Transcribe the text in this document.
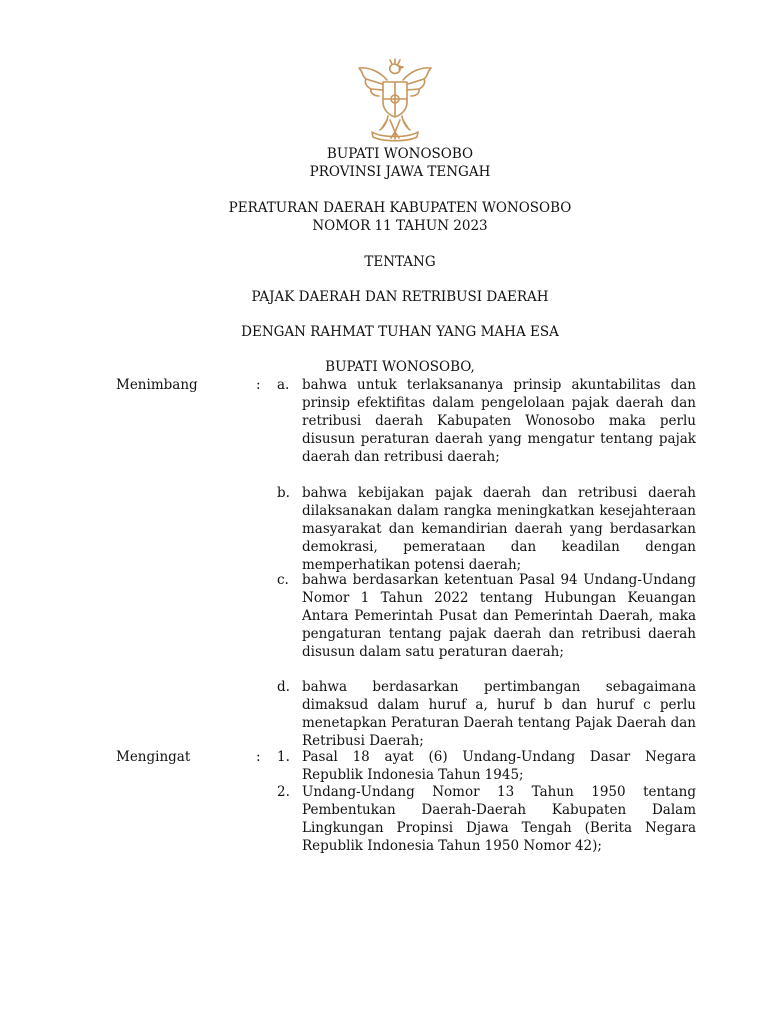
BUPATI WONOSOBO
PROVINSI JAWA TENGAH
PERATURAN DAERAH KABUPATEN WONOSOBO
NOMOR 11 TAHUN 2023
TENTANG
PAJAK DAERAH DAN RETRIBUSI DAERAH
DENGAN RAHMAT TUHAN YANG MAHA ESA
BUPATI WONOSOBO,
Menimbang	: a. bahwa untuk terlaksananya prinsip akuntabilitas dan prinsip efektifitas dalam pengelolaan pajak daerah dan retribusi daerah Kabupaten Wonosobo maka perlu disusun peraturan daerah yang mengatur tentang pajak daerah dan retribusi daerah;
b. bahwa kebijakan pajak daerah dan retribusi daerah dilaksanakan dalam rangka meningkatkan kesejahteraan masyarakat dan kemandirian daerah yang berdasarkan demokrasi, pemerataan dan keadilan dengan memperhatikan potensi daerah;
c. bahwa berdasarkan ketentuan Pasal 94 Undang-Undang Nomor 1 Tahun 2022 tentang Hubungan Keuangan Antara Pemerintah Pusat dan Pemerintah Daerah, maka pengaturan tentang pajak daerah dan retribusi daerah disusun dalam satu peraturan daerah;
d. bahwa berdasarkan pertimbangan sebagaimana dimaksud dalam huruf a, huruf b dan huruf c perlu menetapkan Peraturan Daerah tentang Pajak Daerah dan Retribusi Daerah;
Mengingat	: 1. Pasal 18 ayat (6) Undang-Undang Dasar Negara Republik Indonesia Tahun 1945;
2. Undang-Undang Nomor 13 Tahun 1950 tentang Pembentukan Daerah-Daerah Kabupaten Dalam Lingkungan Propinsi Djawa Tengah (Berita Negara Republik Indonesia Tahun 1950 Nomor 42);
